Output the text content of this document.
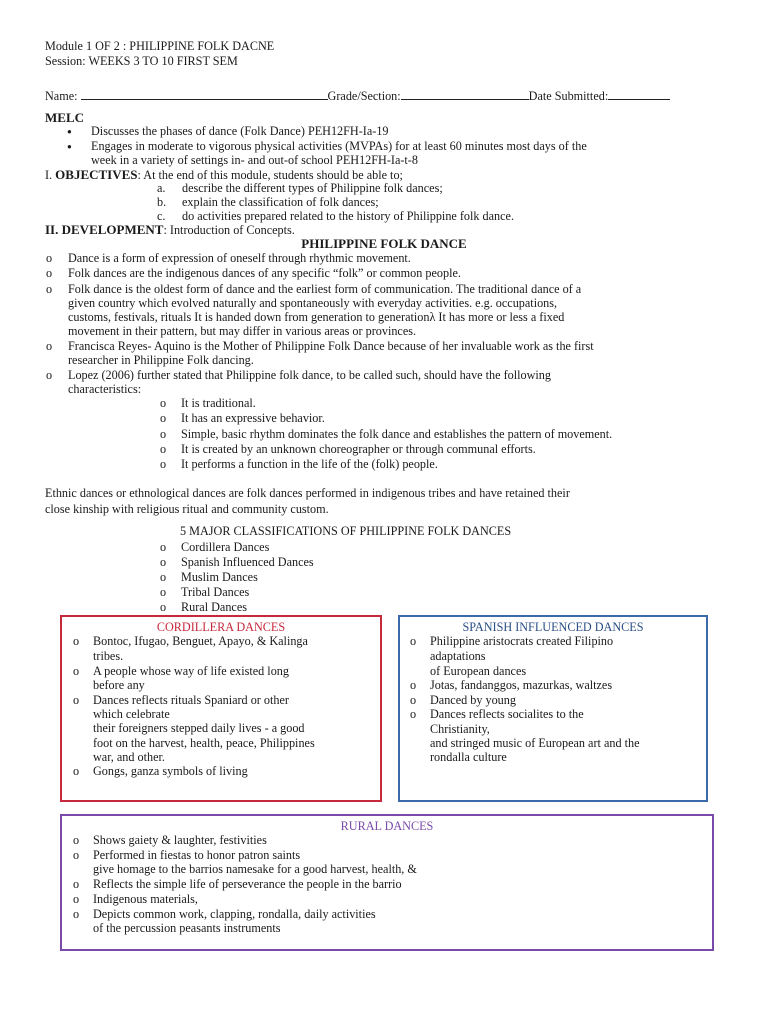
Module 1 OF 2 : PHILIPPINE FOLK DACNE
Session: WEEKS 3 TO 10 FIRST SEM
Name:	Grade/Section:	Date Submitted:
MELC
● Discusses the phases of dance (Folk Dance) PEH12FH-Ia-19
● Engages in moderate to vigorous physical activities (MVPAs) for at least 60 minutes most days of the
week in a variety of settings in- and out-of school PEH12FH-Ia-t-8
I. OBJECTIVES: At the end of this module, students should be able to;
a. describe the different types of Philippine folk dances;
b. explain the classification of folk dances;
c. do activities prepared related to the history of Philippine folk dance.
II. DEVELOPMENT: Introduction of Concepts.
PHILIPPINE FOLK DANCE
o Dance is a form of expression of oneself through rhythmic movement.
o Folk dances are the indigenous dances of any specific “folk” or common people.
o Folk dance is the oldest form of dance and the earliest form of communication. The traditional dance of a
given country which evolved naturally and spontaneously with everyday activities. e.g. occupations,
customs, festivals, rituals It is handed down from generation to generationλ It has more or less a fixed
movement in their pattern, but may differ in various areas or provinces.
o Francisca Reyes- Aquino is the Mother of Philippine Folk Dance because of her invaluable work as the first
researcher in Philippine Folk dancing.
o Lopez (2006) further stated that Philippine folk dance, to be called such, should have the following
characteristics:
o It is traditional.
o It has an expressive behavior.
o Simple, basic rhythm dominates the folk dance and establishes the pattern of movement.
o It is created by an unknown choreographer or through communal efforts.
o It performs a function in the life of the (folk) people.
Ethnic dances or ethnological dances are folk dances performed in indigenous tribes and have retained their
close kinship with religious ritual and community custom.
5 MAJOR CLASSIFICATIONS OF PHILIPPINE FOLK DANCES
o Cordillera Dances
o Spanish Influenced Dances
o Muslim Dances
o Tribal Dances
o Rural Dances
CORDILLERA DANCES
o Bontoc, Ifugao, Benguet, Apayo, & Kalinga
tribes.
o A people whose way of life existed long
before any
o Dances reflects rituals Spaniard or other
which celebrate
their foreigners stepped daily lives - a good
foot on the harvest, health, peace, Philippines
war, and other.
o Gongs, ganza symbols of living
SPANISH INFLUENCED DANCES
o Philippine aristocrats created Filipino
adaptations
of European dances
o Jotas, fandanggos, mazurkas, waltzes
o Danced by young
o Dances reflects socialites to the
Christianity,
and stringed music of European art and the
rondalla culture
RURAL DANCES
o Shows gaiety & laughter, festivities
o Performed in fiestas to honor patron saints
give homage to the barrios namesake for a good harvest, health, &
o Reflects the simple life of perseverance the people in the barrio
o Indigenous materials,
o Depicts common work, clapping, rondalla, daily activities
of the percussion peasants instruments
